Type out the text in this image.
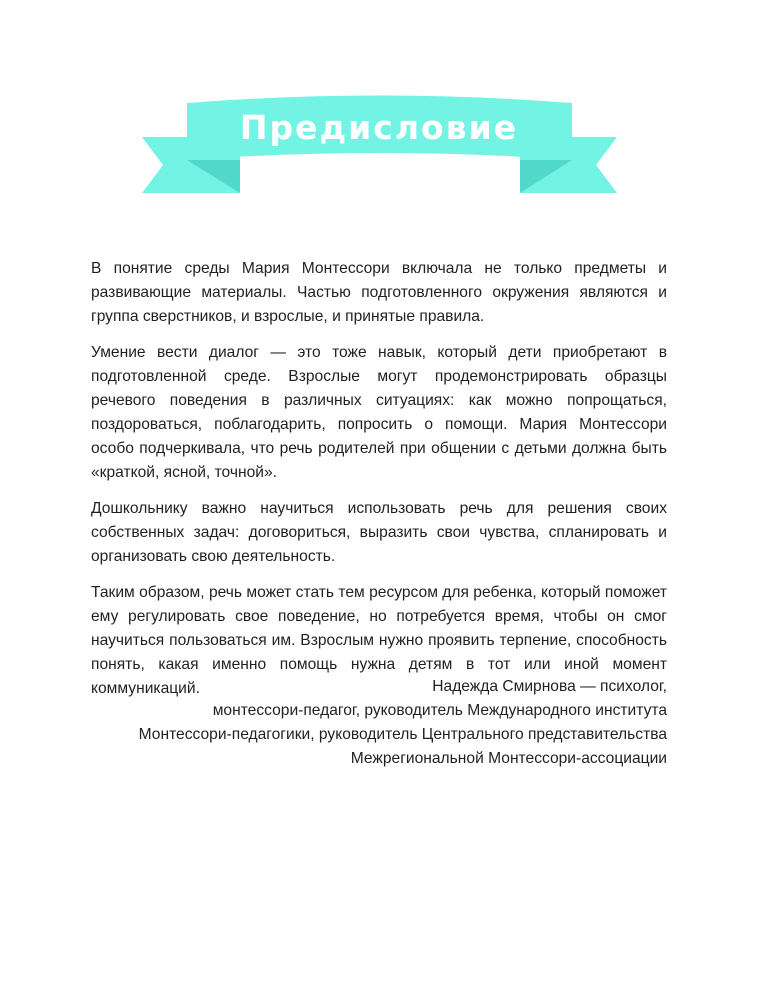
Предисловие

В понятие среды Мария Монтессори включала не только предметы и развивающие материалы. Частью подготовленного окружения являются и группа сверстников, и взрослые, и принятые правила.

Умение вести диалог — это тоже навык, который дети приобретают в подготовленной среде. Взрослые могут продемонстрировать образцы речевого поведения в различных ситуациях: как можно попрощаться, поздороваться, поблагодарить, попросить о помощи. Мария Монтессори особо подчеркивала, что речь родителей при общении с детьми должна быть «краткой, ясной, точной».

Дошкольнику важно научиться использовать речь для решения своих собственных задач: договориться, выразить свои чувства, спланировать и организовать свою деятельность.

Таким образом, речь может стать тем ресурсом для ребенка, который поможет ему регулировать свое поведение, но потребуется время, чтобы он смог научиться пользоваться им. Взрослым нужно проявить терпение, способность понять, какая именно помощь нужна детям в тот или иной момент коммуникаций.	Надежда Смирнова — психолог,
монтессори-педагог, руководитель Международного института
Монтессори-педагогики, руководитель Центрального представительства
Межрегиональной Монтессори-ассоциации
